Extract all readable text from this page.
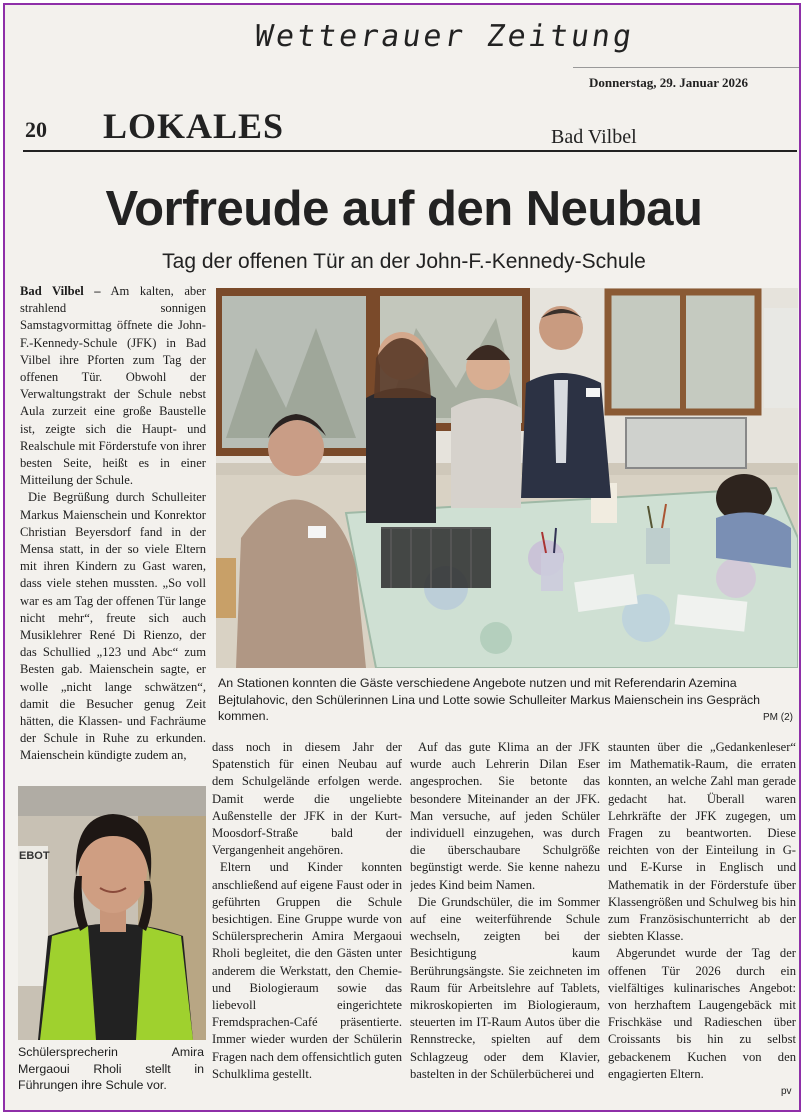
Wetterauer Zeitung
Donnerstag, 29. Januar 2026
20 LOKALES	Bad Vilbel
Vorfreude auf den Neubau
Tag der offenen Tür an der John-F.-Kennedy-Schule

Bad Vilbel – Am kalten, aber strahlend sonnigen Samstagvormittag öffnete die John-F.-Kennedy-Schule (JFK) in Bad Vilbel ihre Pforten zum Tag der offenen Tür. Obwohl der Verwaltungstrakt der Schule nebst Aula zurzeit eine große Baustelle ist, zeigte sich die Haupt- und Realschule mit Förderstufe von ihrer besten Seite, heißt es in einer Mitteilung der Schule.

Die Begrüßung durch Schulleiter Markus Maienschein und Konrektor Christian Beyersdorf fand in der Mensa statt, in der so viele Eltern mit ihren Kindern zu Gast waren, dass viele stehen mussten. „So voll war es am Tag der offenen Tür lange nicht mehr“, freute sich auch Musiklehrer René Di Rienzo, der das Schullied „123 und Abc“ zum Besten gab. Maienschein sagte, er wolle „nicht lange schwätzen“, damit die Besucher genug Zeit hätten, die Klassen- und Fachräume der Schule in Ruhe zu erkunden. Maienschein kündigte zudem an,

An Stationen konnten die Gäste verschiedene Angebote nutzen und mit Referendarin Azemina Bejtulahovic, den Schülerinnen Lina und Lotte sowie Schulleiter Markus Maienschein ins Gespräch kommen.	PM (2)
EBOT
Schülersprecherin Amira Mergaoui Rholi stellt in Führungen ihre Schule vor.

dass noch in diesem Jahr der Spatenstich für einen Neubau auf dem Schulgelände erfolgen werde. Damit werde die ungeliebte Außenstelle der JFK in der Kurt-Moosdorf-Straße bald der Vergangenheit angehören.

Eltern und Kinder konnten anschließend auf eigene Faust oder in geführten Gruppen die Schule besichtigen. Eine Gruppe wurde von Schülersprecherin Amira Mergaoui Rholi begleitet, die den Gästen unter anderem die Werkstatt, den Chemie- und Biologieraum sowie das liebevoll eingerichtete Fremdsprachen-Café präsentierte. Immer wieder wurden der Schülerin Fragen nach dem offensichtlich guten Schulklima gestellt.

Auf das gute Klima an der JFK wurde auch Lehrerin Dilan Eser angesprochen. Sie betonte das besondere Miteinander an der JFK. Man versuche, auf jeden Schüler individuell einzugehen, was durch die überschaubare Schulgröße begünstigt werde. Sie kenne nahezu jedes Kind beim Namen.

Die Grundschüler, die im Sommer auf eine weiterführende Schule wechseln, zeigten bei der Besichtigung kaum Berührungsängste. Sie zeichneten im Raum für Arbeitslehre auf Tablets, mikroskopierten im Biologieraum, steuerten im IT-Raum Autos über die Rennstrecke, spielten auf dem Schlagzeug oder dem Klavier, bastelten in der Schülerbücherei und

staunten über die „Gedankenleser“ im Mathematik-Raum, die erraten konnten, an welche Zahl man gerade gedacht hat. Überall waren Lehrkräfte der JFK zugegen, um Fragen zu beantworten. Diese reichten von der Einteilung in G- und E-Kurse in Englisch und Mathematik in der Förderstufe über Klassengrößen und Schulweg bis hin zum Französischunterricht ab der siebten Klasse.

Abgerundet wurde der Tag der offenen Tür 2026 durch ein vielfältiges kulinarisches Angebot: von herzhaftem Laugengebäck mit Frischkäse und Radieschen über Croissants bis hin zu selbst gebackenem Kuchen von den engagierten Eltern.

pv
